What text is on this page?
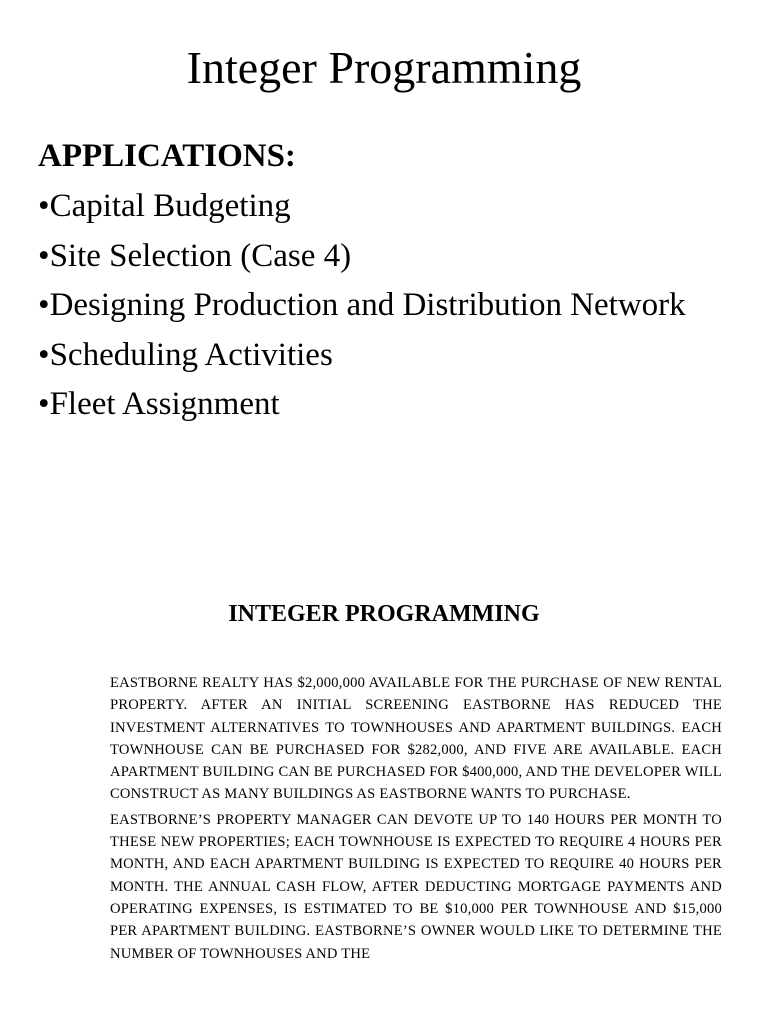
Integer Programming
APPLICATIONS:
•Capital Budgeting
•Site Selection (Case 4)
•Designing Production and Distribution Network
•Scheduling Activities
•Fleet Assignment
INTEGER PROGRAMMING

EASTBORNE REALTY HAS $2,000,000 AVAILABLE FOR THE PURCHASE OF NEW RENTAL PROPERTY. AFTER AN INITIAL SCREENING EASTBORNE HAS REDUCED THE INVESTMENT ALTERNATIVES TO TOWNHOUSES AND APARTMENT BUILDINGS. EACH TOWNHOUSE CAN BE PURCHASED FOR $282,000, AND FIVE ARE AVAILABLE. EACH APARTMENT BUILDING CAN BE PURCHASED FOR $400,000, AND THE DEVELOPER WILL CONSTRUCT AS MANY BUILDINGS AS EASTBORNE WANTS TO PURCHASE.

EASTBORNE’S PROPERTY MANAGER CAN DEVOTE UP TO 140 HOURS PER MONTH TO THESE NEW PROPERTIES; EACH TOWNHOUSE IS EXPECTED TO REQUIRE 4 HOURS PER MONTH, AND EACH APARTMENT BUILDING IS EXPECTED TO REQUIRE 40 HOURS PER MONTH. THE ANNUAL CASH FLOW, AFTER DEDUCTING MORTGAGE PAYMENTS AND OPERATING EXPENSES, IS ESTIMATED TO BE $10,000 PER TOWNHOUSE AND $15,000 PER APARTMENT BUILDING. EASTBORNE’S OWNER WOULD LIKE TO DETERMINE THE NUMBER OF TOWNHOUSES AND THE
